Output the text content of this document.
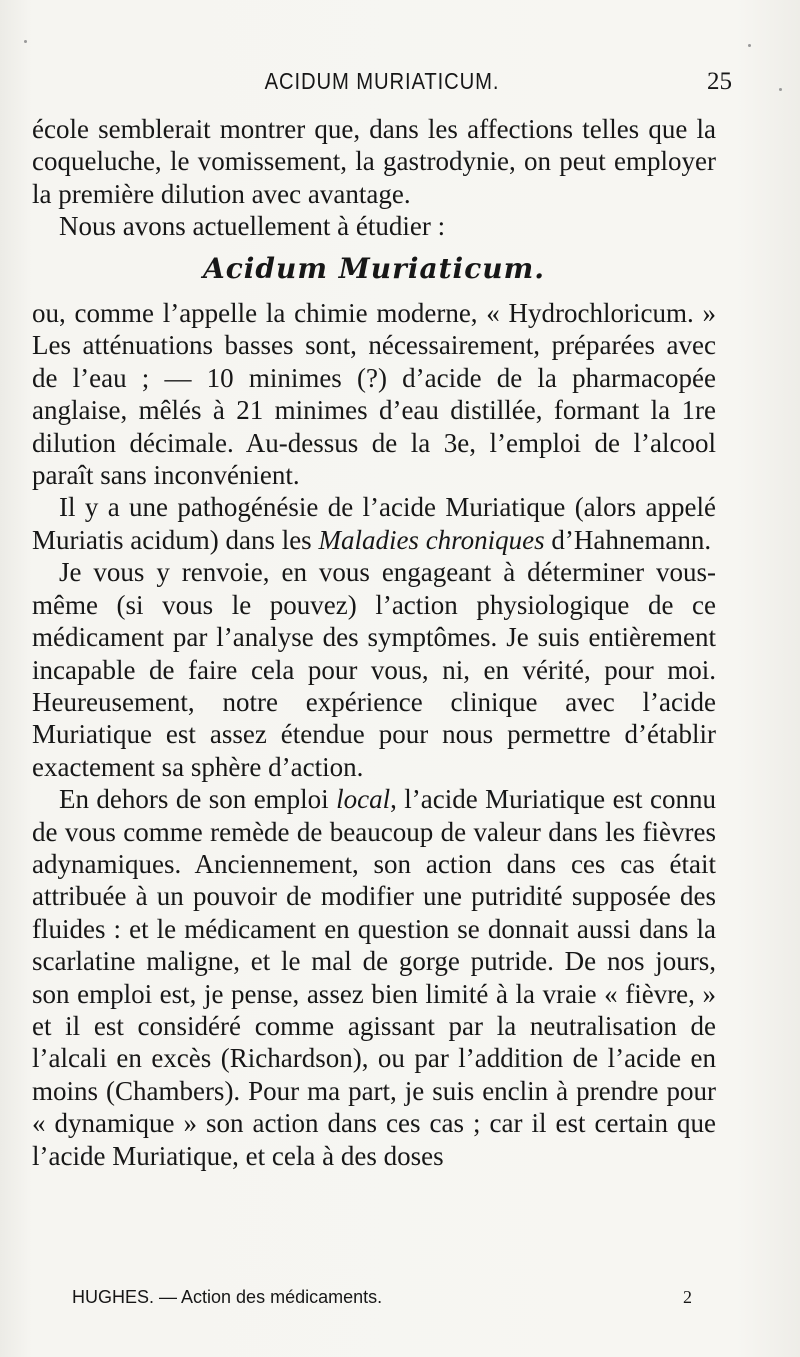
ACIDUM MURIATICUM.	25

école semblerait montrer que, dans les affections telles que la coqueluche, le vomissement, la gastrodynie, on peut employer la première dilution avec avantage.

Nous avons actuellement à étudier :

Acidum Muriaticum.

ou, comme l’appelle la chimie moderne, « Hydrochloricum. » Les atténuations basses sont, nécessairement, préparées avec de l’eau ; — 10 minimes (?) d’acide de la pharmacopée anglaise, mêlés à 21 minimes d’eau distillée, formant la 1re dilution décimale. Au-dessus de la 3e, l’emploi de l’alcool paraît sans inconvénient.

Il y a une pathogénésie de l’acide Muriatique (alors appelé Muriatis acidum) dans les Maladies chroniques d’Hahnemann.

Je vous y renvoie, en vous engageant à déterminer vous-même (si vous le pouvez) l’action physiologique de ce médicament par l’analyse des symptômes. Je suis entièrement incapable de faire cela pour vous, ni, en vérité, pour moi. Heureusement, notre expérience clinique avec l’acide Muriatique est assez étendue pour nous permettre d’établir exactement sa sphère d’action.

En dehors de son emploi local, l’acide Muriatique est connu de vous comme remède de beaucoup de valeur dans les fièvres adynamiques. Anciennement, son action dans ces cas était attribuée à un pouvoir de modifier une putridité supposée des fluides : et le médicament en question se donnait aussi dans la scarlatine maligne, et le mal de gorge putride. De nos jours, son emploi est, je pense, assez bien limité à la vraie « fièvre, » et il est considéré comme agissant par la neutralisation de l’alcali en excès (Richardson), ou par l’addition de l’acide en moins (Chambers). Pour ma part, je suis enclin à prendre pour « dynamique » son action dans ces cas ; car il est certain que l’acide Muriatique, et cela à des doses

HUGHES. — Action des médicaments.	2
